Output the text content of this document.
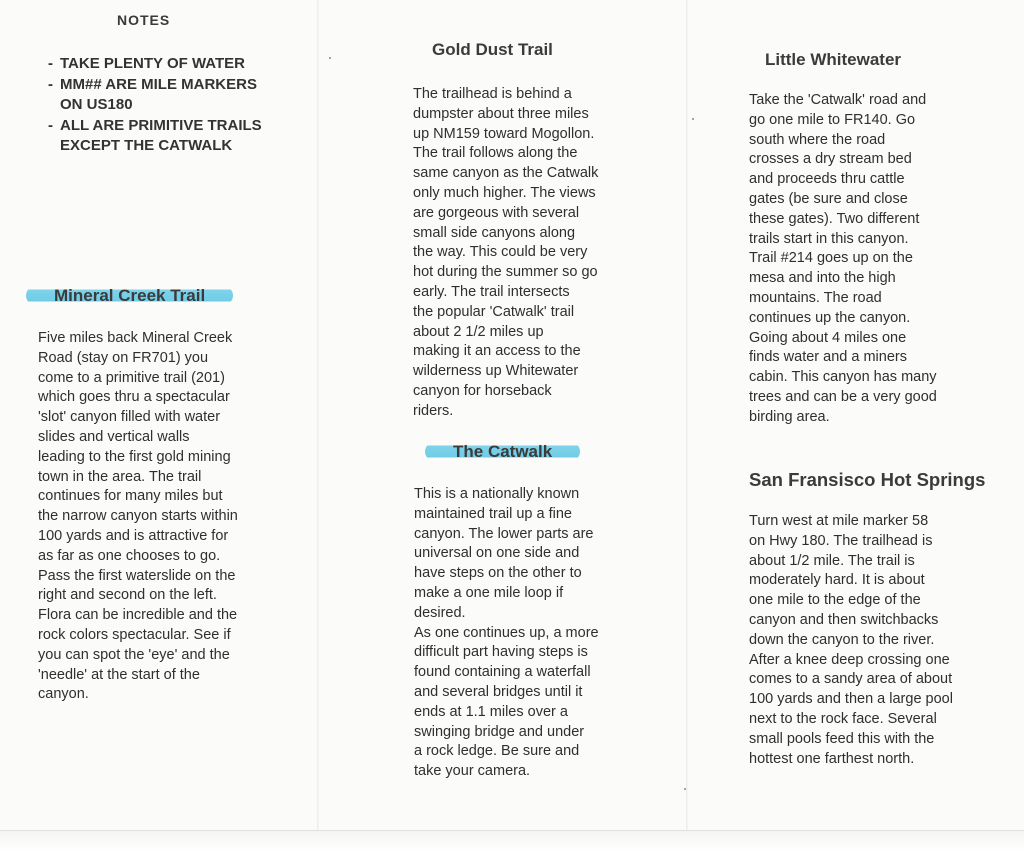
NOTES
- TAKE PLENTY OF WATER
- MM## ARE MILE MARKERS
ON US180
- ALL ARE PRIMITIVE TRAILS
EXCEPT THE CATWALK
Mineral Creek Trail
Five miles back Mineral Creek
Road (stay on FR701) you
come to a primitive trail (201)
which goes thru a spectacular
'slot' canyon filled with water
slides and vertical walls
leading to the first gold mining
town in the area. The trail
continues for many miles but
the narrow canyon starts within
100 yards and is attractive for
as far as one chooses to go.
Pass the first waterslide on the
right and second on the left.
Flora can be incredible and the
rock colors spectacular. See if
you can spot the 'eye' and the
'needle' at the start of the
canyon.
Gold Dust Trail
The trailhead is behind a
dumpster about three miles
up NM159 toward Mogollon.
The trail follows along the
same canyon as the Catwalk
only much higher. The views
are gorgeous with several
small side canyons along
the way. This could be very
hot during the summer so go
early. The trail intersects
the popular 'Catwalk' trail
about 2 1/2 miles up
making it an access to the
wilderness up Whitewater
canyon for horseback
riders.
The Catwalk
This is a nationally known
maintained trail up a fine
canyon. The lower parts are
universal on one side and
have steps on the other to
make a one mile loop if
desired.
As one continues up, a more
difficult part having steps is
found containing a waterfall
and several bridges until it
ends at 1.1 miles over a
swinging bridge and under
a rock ledge. Be sure and
take your camera.
Little Whitewater
Take the 'Catwalk' road and
go one mile to FR140. Go
south where the road
crosses a dry stream bed
and proceeds thru cattle
gates (be sure and close
these gates). Two different
trails start in this canyon.
Trail #214 goes up on the
mesa and into the high
mountains. The road
continues up the canyon.
Going about 4 miles one
finds water and a miners
cabin. This canyon has many
trees and can be a very good
birding area.
San Fransisco Hot Springs
Turn west at mile marker 58
on Hwy 180. The trailhead is
about 1/2 mile. The trail is
moderately hard. It is about
one mile to the edge of the
canyon and then switchbacks
down the canyon to the river.
After a knee deep crossing one
comes to a sandy area of about
100 yards and then a large pool
next to the rock face. Several
small pools feed this with the
hottest one farthest north.
